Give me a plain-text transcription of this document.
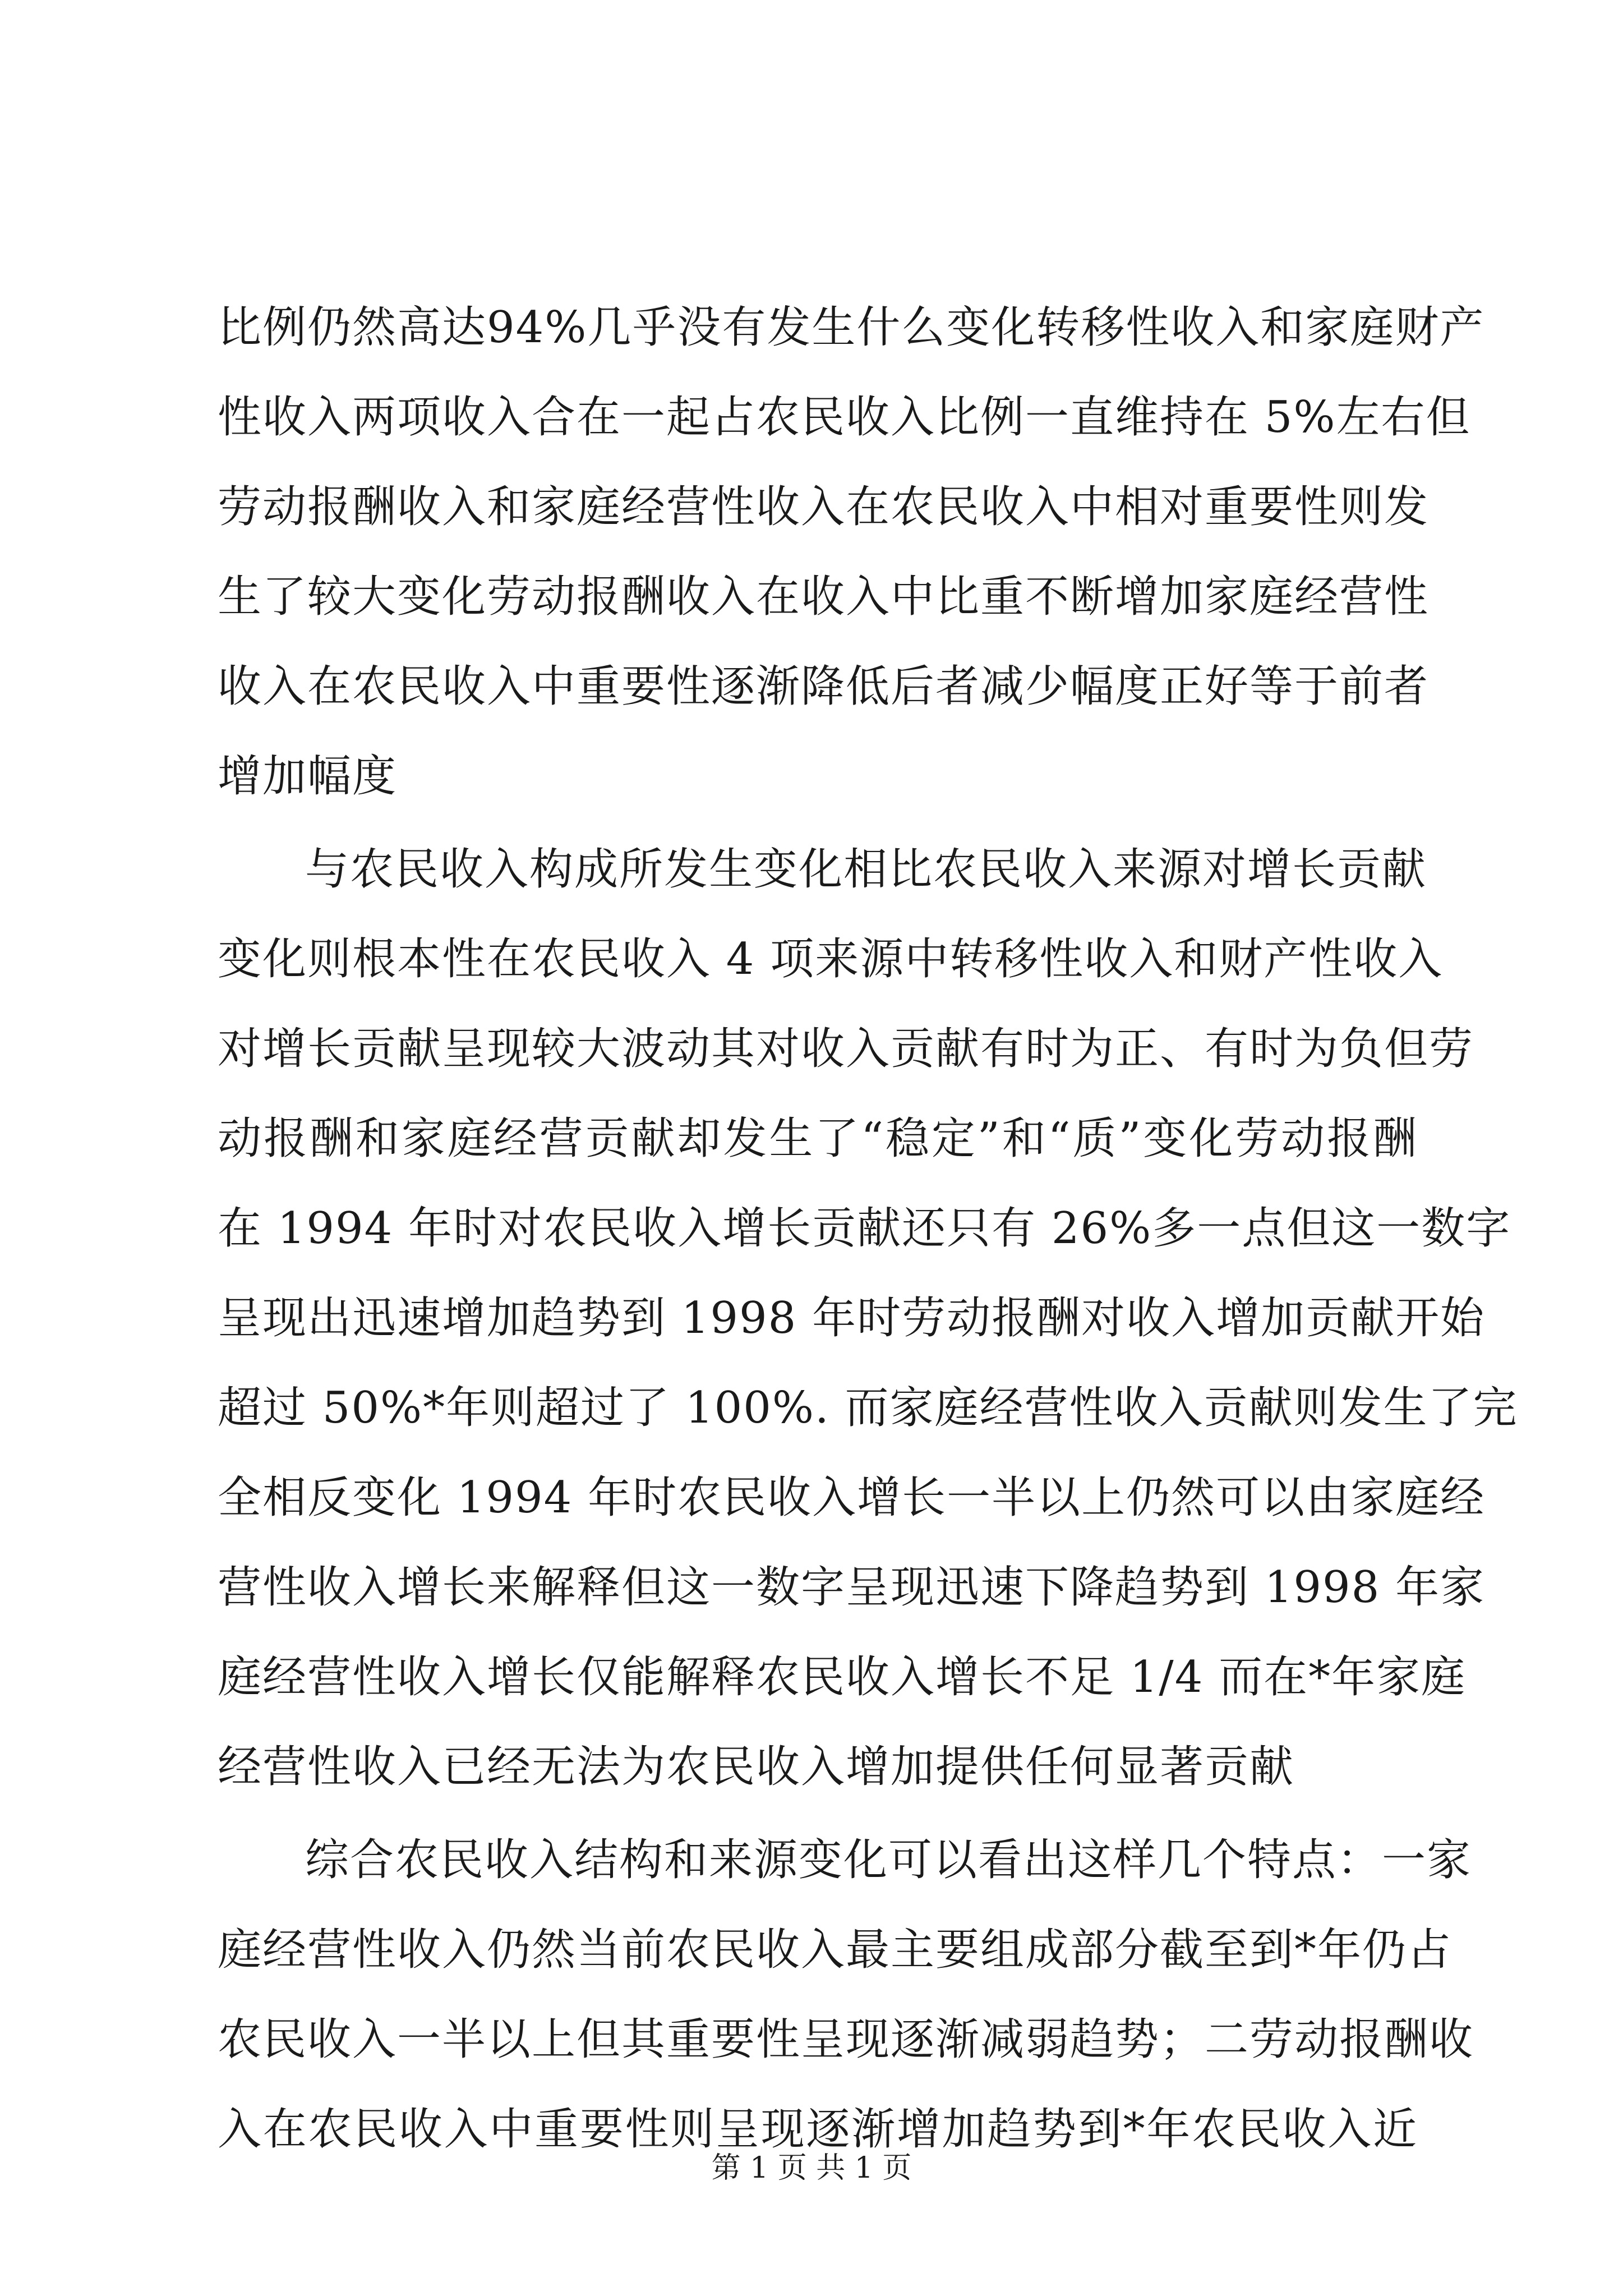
比例仍然高达94%几乎没有发生什么变化转移性收入和家庭财产
性收入两项收入合在一起占农民收入比例一直维持在 5%左右但
劳动报酬收入和家庭经营性收入在农民收入中相对重要性则发
生了较大变化劳动报酬收入在收入中比重不断增加家庭经营性
收入在农民收入中重要性逐渐降低后者减少幅度正好等于前者
增加幅度
与农民收入构成所发生变化相比农民收入来源对增长贡献
变化则根本性在农民收入 4 项来源中转移性收入和财产性收入
对增长贡献呈现较大波动其对收入贡献有时为正、有时为负但劳
动报酬和家庭经营贡献却发生了“稳定”和“质”变化劳动报酬
在 1994 年时对农民收入增长贡献还只有 26%多一点但这一数字
呈现出迅速增加趋势到 1998 年时劳动报酬对收入增加贡献开始
超过 50%*年则超过了 100%. 而家庭经营性收入贡献则发生了完
全相反变化 1994 年时农民收入增长一半以上仍然可以由家庭经
营性收入增长来解释但这一数字呈现迅速下降趋势到 1998 年家
庭经营性收入增长仅能解释农民收入增长不足 1/4 而在*年家庭
经营性收入已经无法为农民收入增加提供任何显著贡献
综合农民收入结构和来源变化可以看出这样几个特点：一家
庭经营性收入仍然当前农民收入最主要组成部分截至到*年仍占
农民收入一半以上但其重要性呈现逐渐减弱趋势；二劳动报酬收
入在农民收入中重要性则呈现逐渐增加趋势到*年农民收入近
第 1 页 共 1 页
